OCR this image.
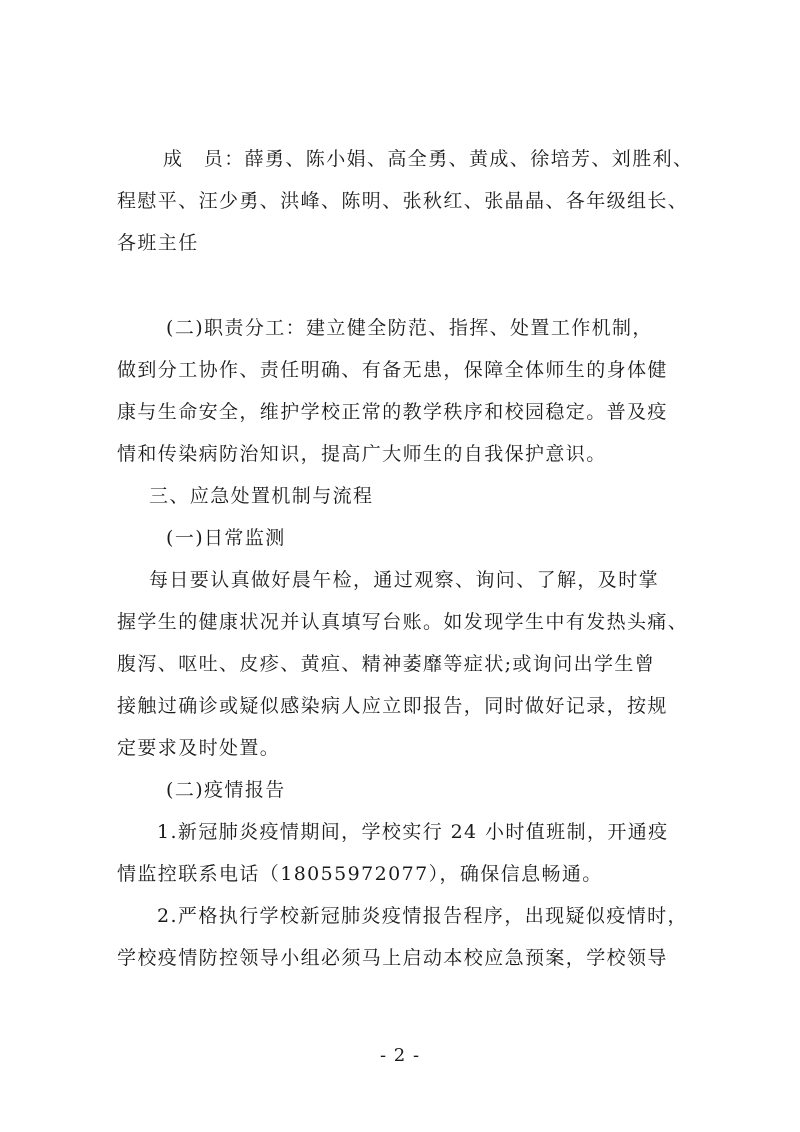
成　员：薛勇、陈小娟、高全勇、黄成、徐培芳、刘胜利、
程慰平、汪少勇、洪峰、陈明、张秋红、张晶晶、各年级组长、
各班主任
(二)职责分工：建立健全防范、指挥、处置工作机制，
做到分工协作、责任明确、有备无患，保障全体师生的身体健
康与生命安全，维护学校正常的教学秩序和校园稳定。普及疫
情和传染病防治知识，提高广大师生的自我保护意识。
三、应急处置机制与流程
(一)日常监测
每日要认真做好晨午检，通过观察、询问、了解，及时掌
握学生的健康状况并认真填写台账。如发现学生中有发热头痛、
腹泻、呕吐、皮疹、黄疸、精神萎靡等症状;或询问出学生曾
接触过确诊或疑似感染病人应立即报告，同时做好记录，按规
定要求及时处置。
(二)疫情报告
1.新冠肺炎疫情期间，学校实行 24 小时值班制，开通疫
情监控联系电话（18055972077），确保信息畅通。
2.严格执行学校新冠肺炎疫情报告程序，出现疑似疫情时，
学校疫情防控领导小组必须马上启动本校应急预案，学校领导
- 2 -
